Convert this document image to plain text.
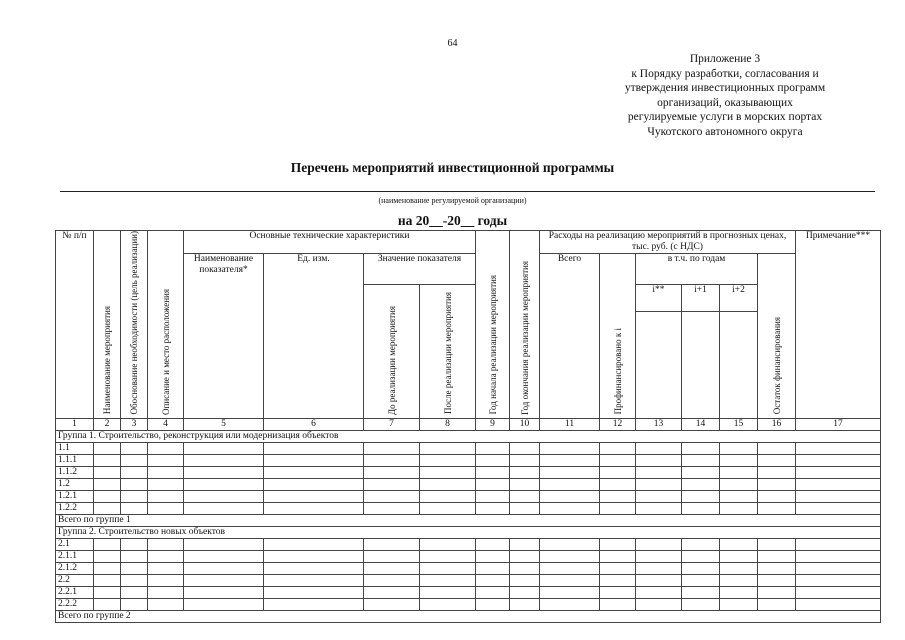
64
Приложение 3
к Порядку разработки, согласования и
утверждения инвестиционных программ
организаций, оказывающих
регулируемые услуги в морских портах
Чукотского автономного округа
Перечень мероприятий инвестиционной программы
(наименование регулируемой организации)
на 20__-20__ годы
№ п/п	Наименование мероприятия	Обоснование необходимости (цель реализации)	Описание и место расположения	Основные технические характеристики				Год начала реализации мероприятия	Год окончания реализации мероприятия	Расходы на реализацию мероприятий в прогнозных ценах, тыс. руб. (с НДС)						Примечание***
				Наименование показателя*	Ед. изм.	Значение показателя				Всего	Профинансировано к i	в т.ч. по годам			Остаток финансирования	

						До реализации мероприятия	После реализации мероприятия					i**	i+1	i+2		

1	2	3	4	5	6	7	8	9	10	11	12	13	14	15	16	17
Группа 1. Строительство, реконструкция или модернизация объектов																
1.1																
1.1.1																
1.1.2																
1.2																
1.2.1																
1.2.2																
Всего по группе 1																
Группа 2. Строительство новых объектов																
2.1																
2.1.1																
2.1.2																
2.2																
2.2.1																
2.2.2																
Всего по группе 2																
